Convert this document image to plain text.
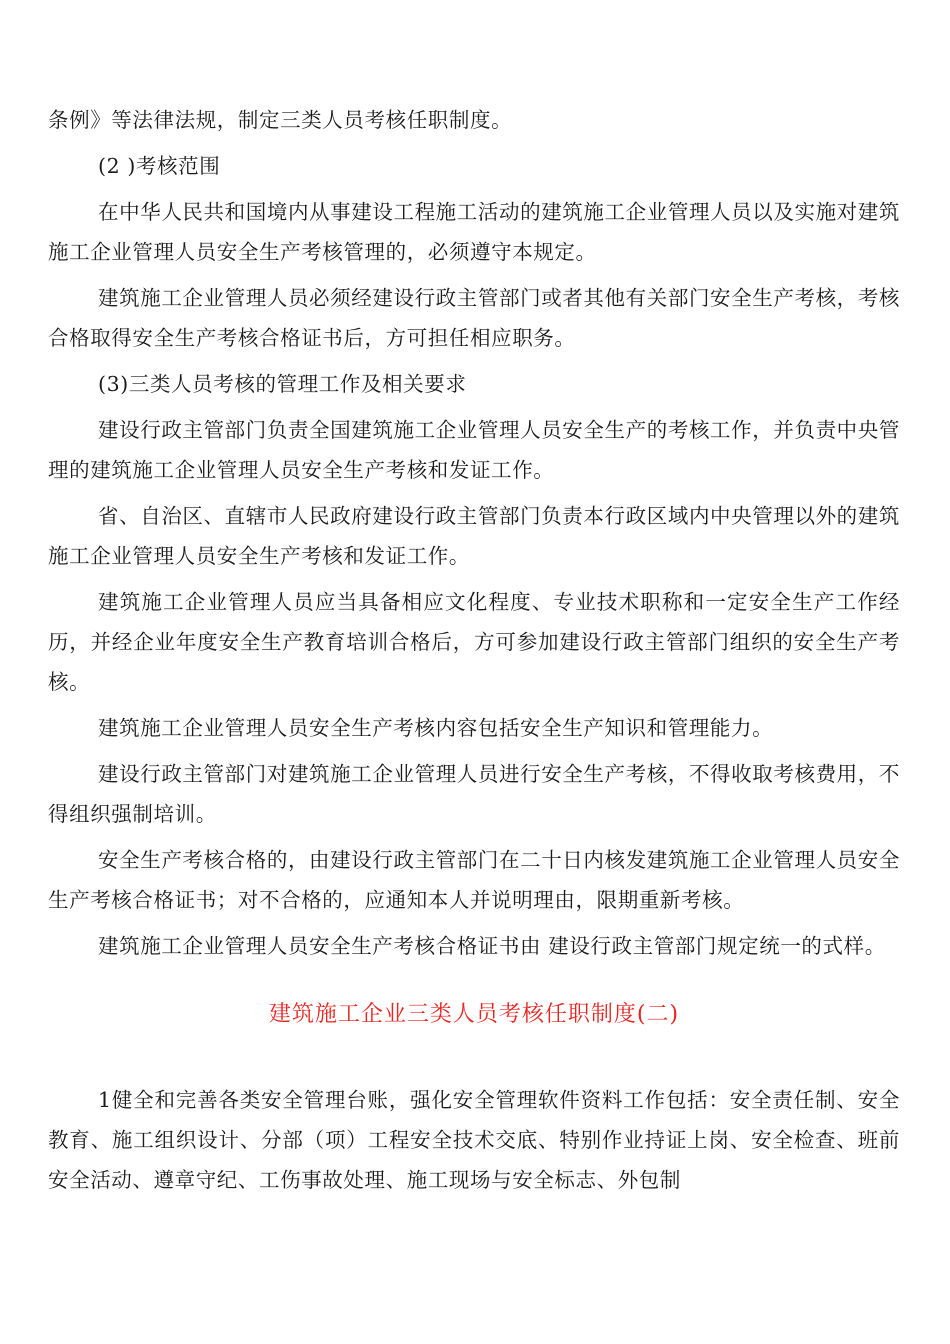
条例》等法律法规，制定三类人员考核任职制度。

(2 )考核范围

在中华人民共和国境内从事建设工程施工活动的建筑施工企业管理人员以及实施对建筑施工企业管理人员安全生产考核管理的，必须遵守本规定。

建筑施工企业管理人员必须经建设行政主管部门或者其他有关部门安全生产考核，考核合格取得安全生产考核合格证书后，方可担任相应职务。

(3)三类人员考核的管理工作及相关要求

建设行政主管部门负责全国建筑施工企业管理人员安全生产的考核工作，并负责中央管理的建筑施工企业管理人员安全生产考核和发证工作。

省、自治区、直辖市人民政府建设行政主管部门负责本行政区域内中央管理以外的建筑施工企业管理人员安全生产考核和发证工作。

建筑施工企业管理人员应当具备相应文化程度、专业技术职称和一定安全生产工作经历，并经企业年度安全生产教育培训合格后，方可参加建设行政主管部门组织的安全生产考核。

建筑施工企业管理人员安全生产考核内容包括安全生产知识和管理能力。

建设行政主管部门对建筑施工企业管理人员进行安全生产考核，不得收取考核费用，不得组织强制培训。

安全生产考核合格的，由建设行政主管部门在二十日内核发建筑施工企业管理人员安全生产考核合格证书；对不合格的，应通知本人并说明理由，限期重新考核。

建筑施工企业管理人员安全生产考核合格证书由 建设行政主管部门规定统一的式样。

建筑施工企业三类人员考核任职制度(二)

1健全和完善各类安全管理台账，强化安全管理软件资料工作包括：安全责任制、安全教育、施工组织设计、分部（项）工程安全技术交底、特别作业持证上岗、安全检查、班前安全活动、遵章守纪、工伤事故处理、施工现场与安全标志、外包制
